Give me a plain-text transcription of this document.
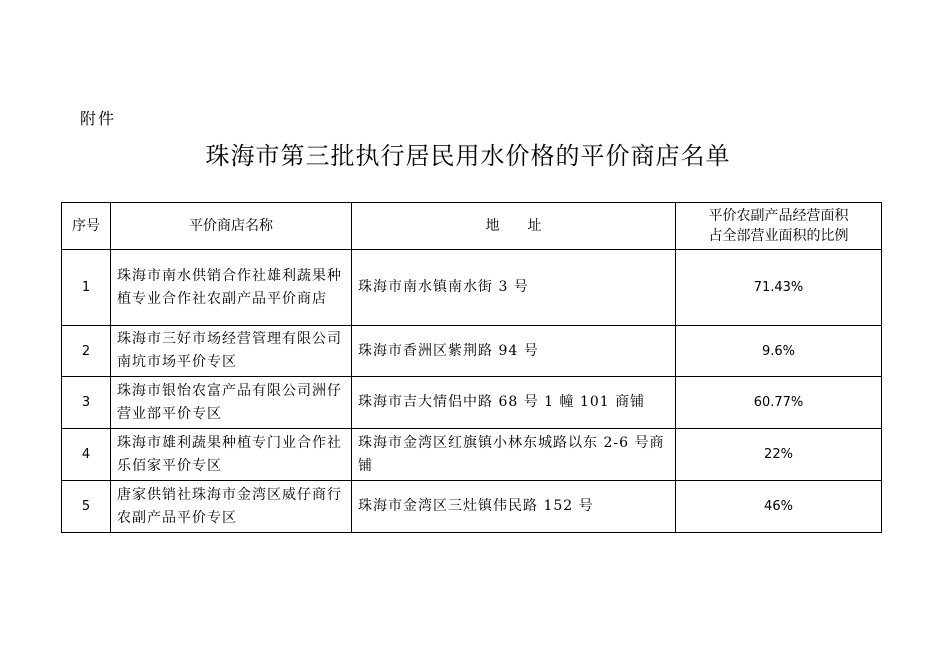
附件
珠海市第三批执行居民用水价格的平价商店名单
序号	平价商店名称	地　　址	平价农副产品经营面积
占全部营业面积的比例

1	珠海市南水供销合作社雄利蔬果种植专业合作社农副产品平价商店	珠海市南水镇南水街 3 号	71.43%
2	珠海市三好市场经营管理有限公司南坑市场平价专区	珠海市香洲区紫荆路 94 号	9.6%
3	珠海市银怡农富产品有限公司洲仔营业部平价专区	珠海市吉大情侣中路 68 号 1 幢 101 商铺	60.77%
4	珠海市雄利蔬果种植专门业合作社乐佰家平价专区	珠海市金湾区红旗镇小林东城路以东 2-6 号商铺	22%
5	唐家供销社珠海市金湾区威仔商行农副产品平价专区	珠海市金湾区三灶镇伟民路 152 号	46%
